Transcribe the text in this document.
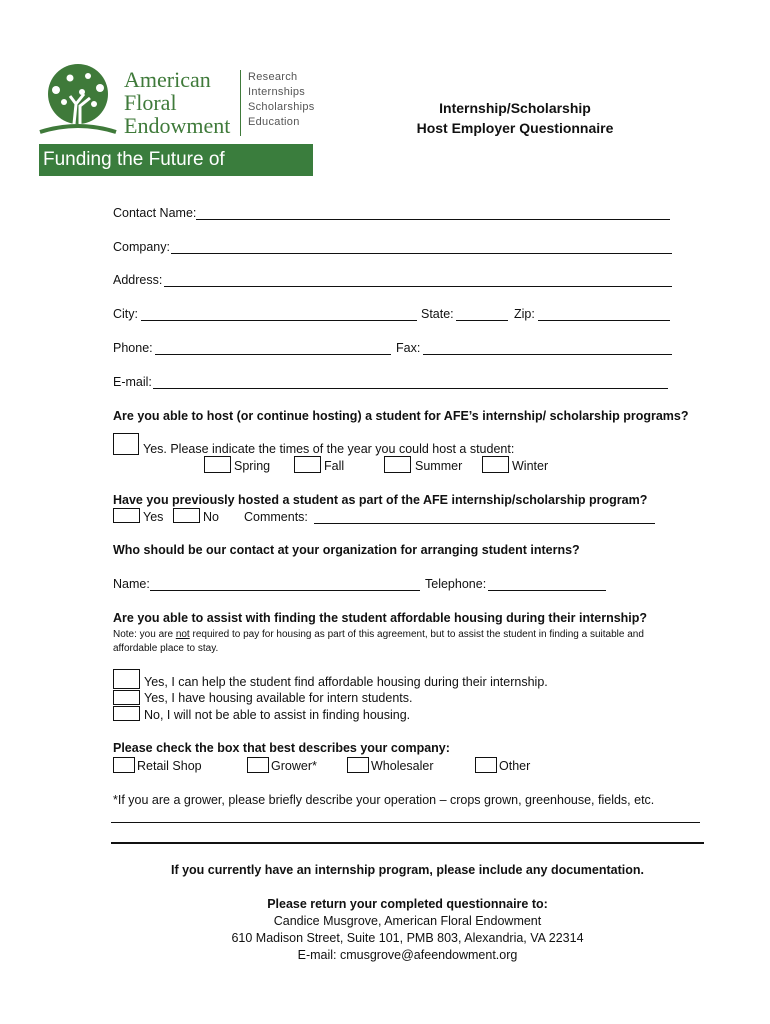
American
Floral
Endowment
Research
Internships
Scholarships
Education
Funding the Future of Floriculture
Internship/Scholarship
Host Employer Questionnaire
Contact Name:
Company:
Address:
City:	State:	Zip:
Phone:	Fax:
E-mail:
Are you able to host (or continue hosting) a student for AFE’s internship/ scholarship programs?
Yes. Please indicate the times of the year you could host a student:
Spring	Fall	Summer	Winter
Have you previously hosted a student as part of the AFE internship/scholarship program?
Yes	No Comments:
Who should be our contact at your organization for arranging student interns?
Name:	Telephone:
Are you able to assist with finding the student affordable housing during their internship?
Note: you are not required to pay for housing as part of this agreement, but to assist the student in finding a suitable and
affordable place to stay.
Yes, I can help the student find affordable housing during their internship.
Yes, I have housing available for intern students.
No, I will not be able to assist in finding housing.
Please check the box that best describes your company:
Retail Shop	Grower*	Wholesaler	Other
*If you are a grower, please briefly describe your operation – crops grown, greenhouse, fields, etc.
If you currently have an internship program, please include any documentation.
Please return your completed questionnaire to:
Candice Musgrove, American Floral Endowment
610 Madison Street, Suite 101, PMB 803, Alexandria, VA 22314
E-mail: cmusgrove@afeendowment.org
